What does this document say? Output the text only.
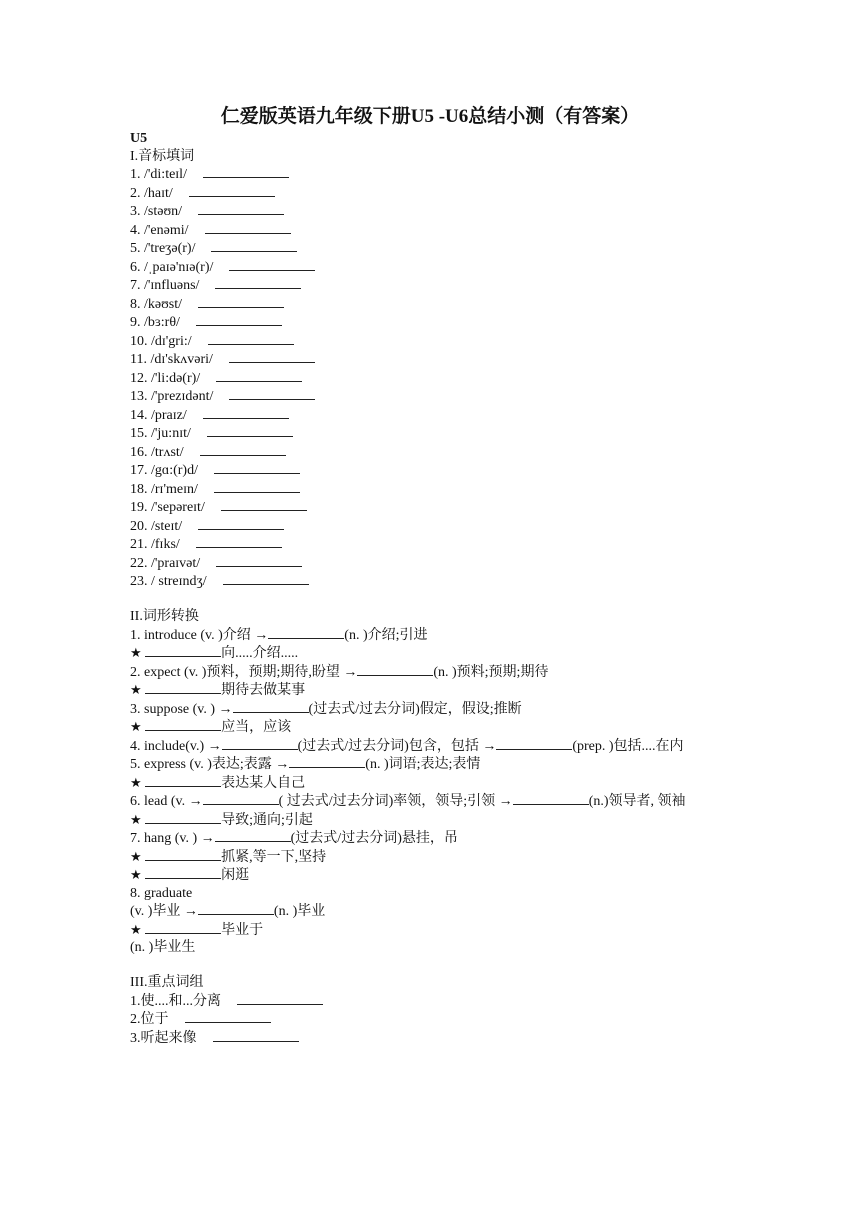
仁爱版英语九年级下册U5 -U6总结小测（有答案）
U5
I.音标填词
1. /'di:teɪl/
2. /haɪt/
3. /stəʊn/
4. /'enəmi/
5. /'treʒə(r)/
6. /ˌpaɪə'nɪə(r)/
7. /'ɪnfluəns/
8. /kəʊst/
9. /bɜ:rθ/
10. /dɪ'gri:/
11. /dɪ'skʌvəri/
12. /'li:də(r)/
13. /'prezɪdənt/
14. /praɪz/
15. /'ju:nɪt/
16. /trʌst/
17. /gɑ:(r)d/
18. /rɪ'meɪn/
19. /'sepəreɪt/
20. /steɪt/
21. /fɪks/
22. /'praɪvət/
23. / streɪndʒ/
II.词形转换
1. introduce (v. )介绍 →	(n. )介绍;引进
★	向.....介绍.....
2. expect (v. )预料，预期;期待,盼望 →	(n. )预料;预期;期待
★	期待去做某事
3. suppose (v. ) →	(过去式/过去分词)假定，假设;推断
★	应当，应该
4. include(v.) →	(过去式/过去分词)包含，包括 →	(prep. )包括....在内
5. express (v. )表达;表露 →	(n. )词语;表达;表情
★	表达某人自己
6. lead (v. →	( 过去式/过去分词)率领，领导;引领 →	(n.)领导者, 领袖
★	导致;通向;引起
7. hang (v. ) →	(过去式/过去分词)悬挂，吊
★	抓紧,等一下,坚持
★	闲逛
8. graduate
(v. )毕业 →	(n. )毕业
★	毕业于
(n. )毕业生
III.重点词组
1.使....和...分离
2.位于
3.听起来像
